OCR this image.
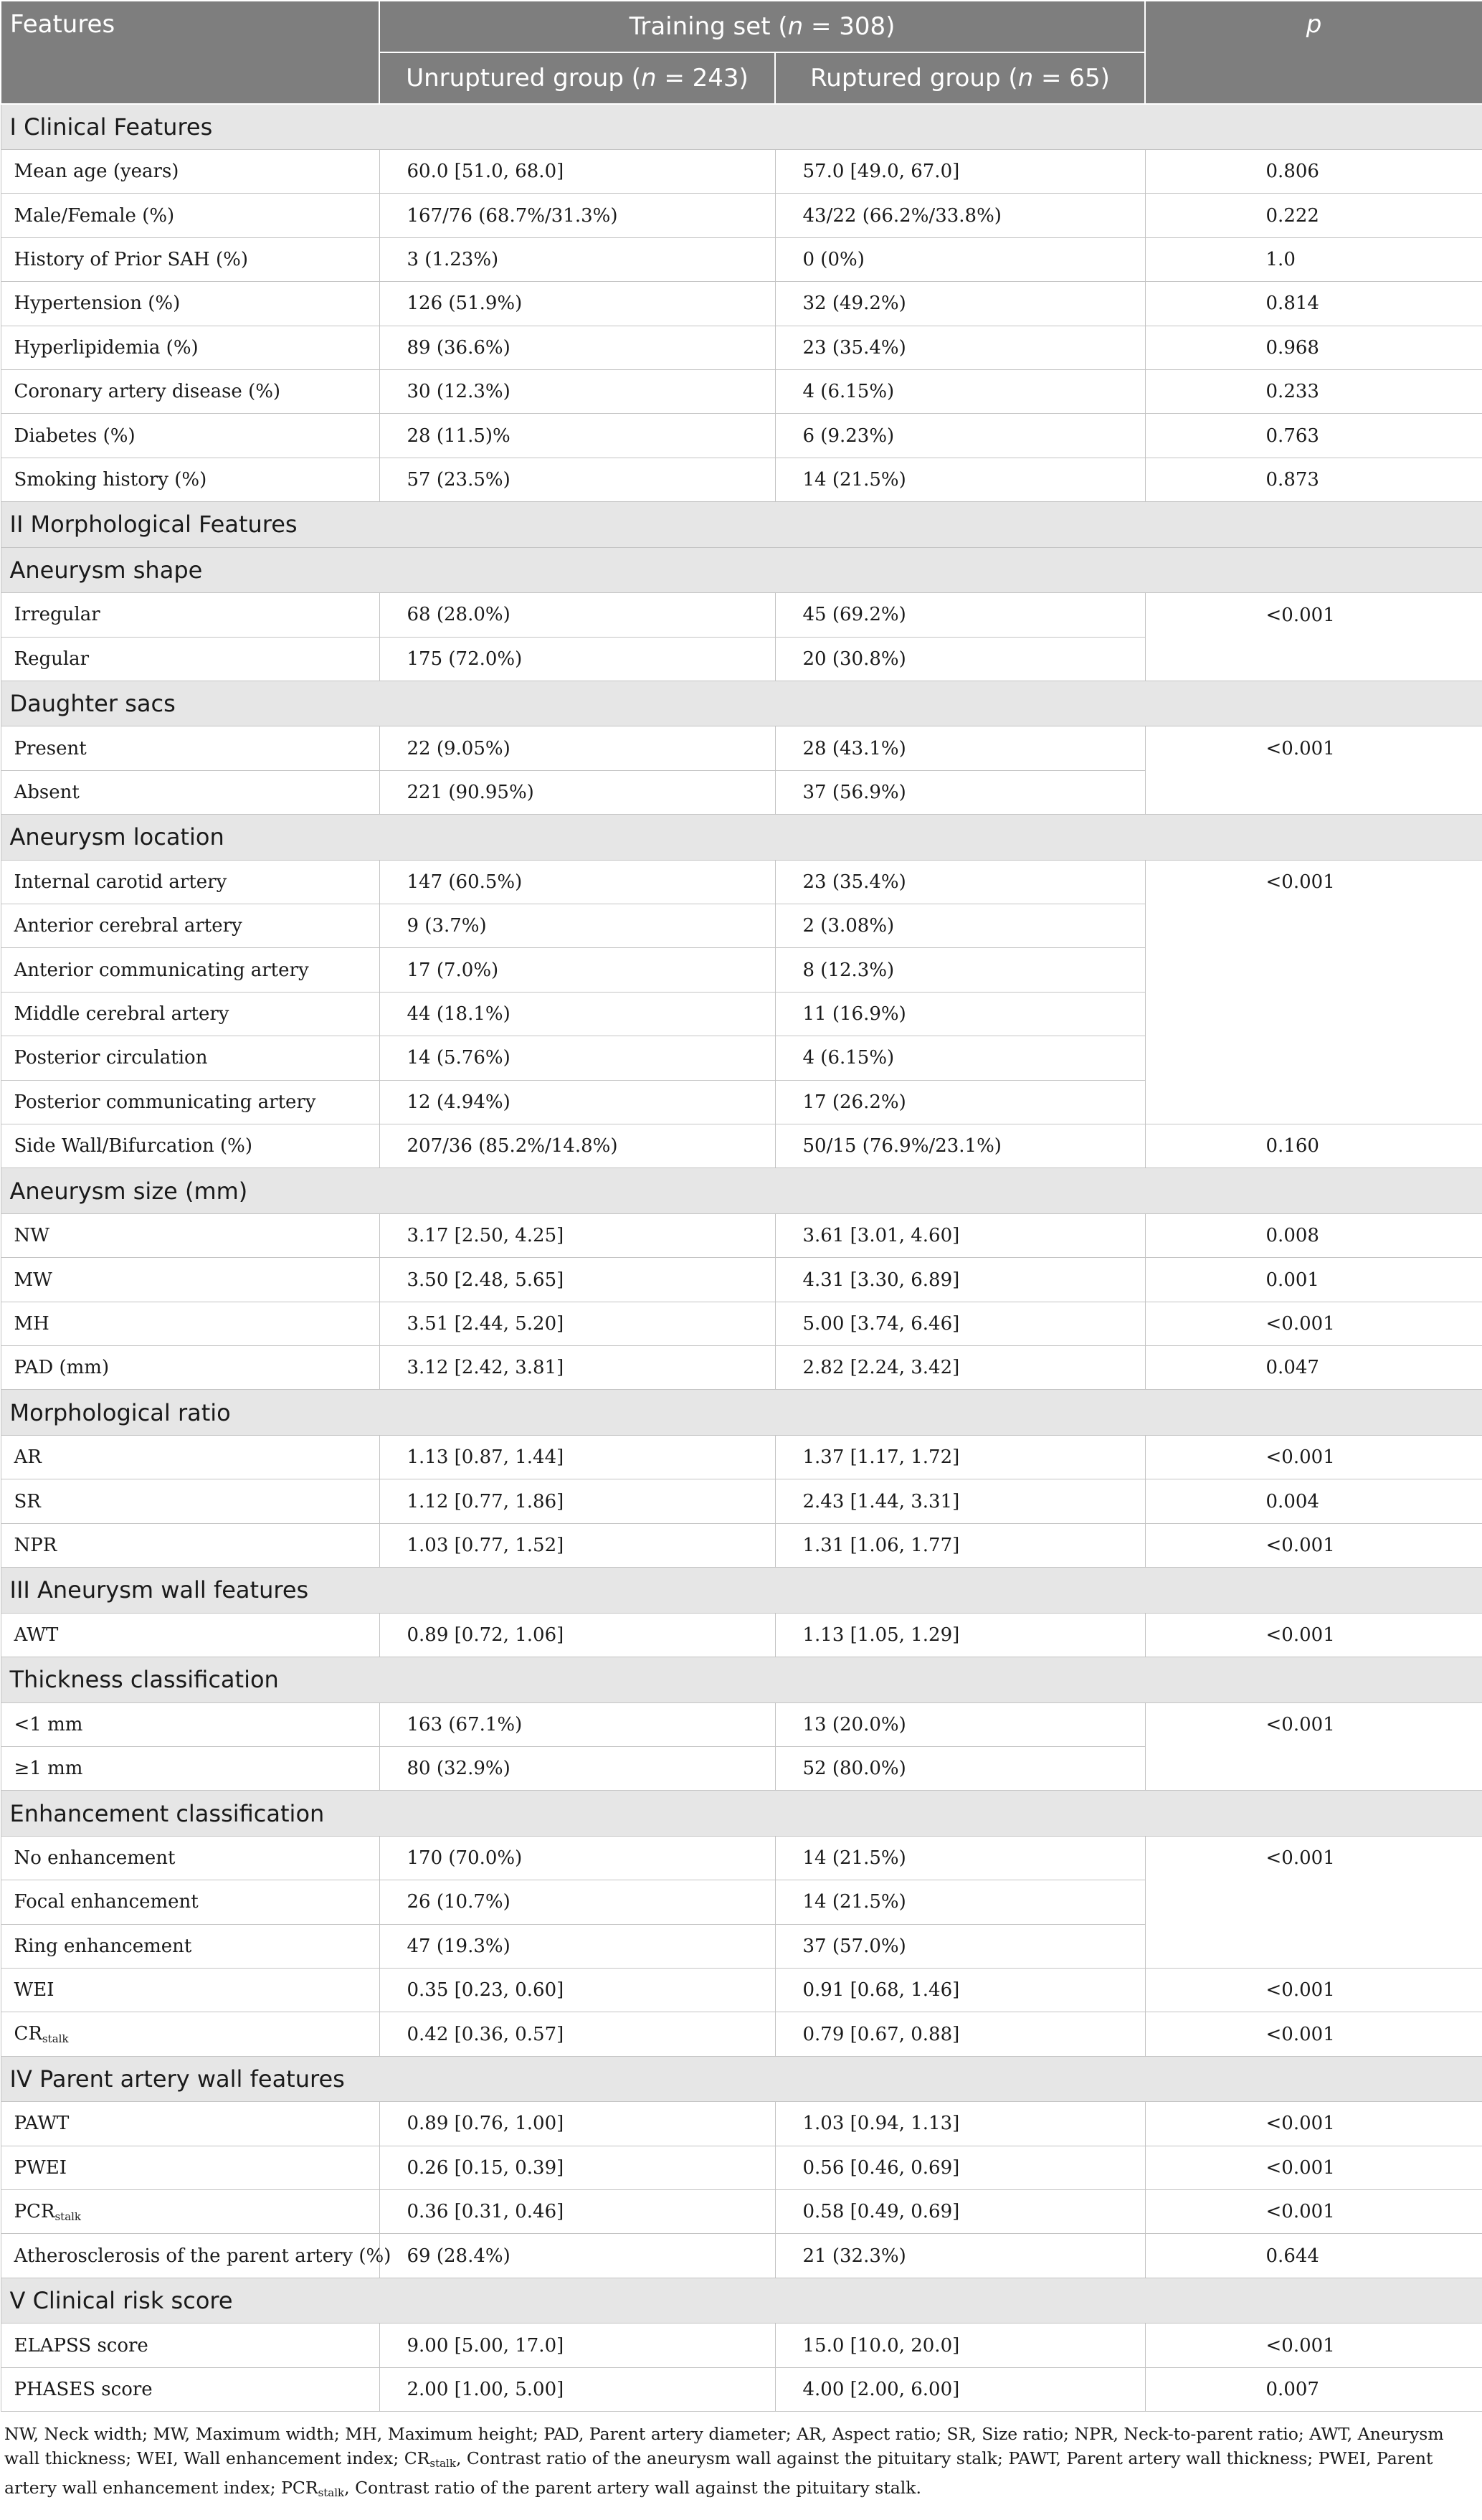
Features	Training set (n = 308)		p
	Unruptured group (n = 243)	Ruptured group (n = 65)	
I Clinical Features			
Mean age (years)	60.0 [51.0, 68.0]	57.0 [49.0, 67.0]	0.806
Male/Female (%)	167/76 (68.7%/31.3%)	43/22 (66.2%/33.8%)	0.222
History of Prior SAH (%)	3 (1.23%)	0 (0%)	1.0
Hypertension (%)	126 (51.9%)	32 (49.2%)	0.814
Hyperlipidemia (%)	89 (36.6%)	23 (35.4%)	0.968
Coronary artery disease (%)	30 (12.3%)	4 (6.15%)	0.233
Diabetes (%)	28 (11.5)%	6 (9.23%)	0.763
Smoking history (%)	57 (23.5%)	14 (21.5%)	0.873
II Morphological Features			
Aneurysm shape			
Irregular	68 (28.0%)	45 (69.2%)	<0.001
Regular	175 (72.0%)	20 (30.8%)	
Daughter sacs			
Present	22 (9.05%)	28 (43.1%)	<0.001
Absent	221 (90.95%)	37 (56.9%)	
Aneurysm location			
Internal carotid artery	147 (60.5%)	23 (35.4%)	<0.001
Anterior cerebral artery	9 (3.7%)	2 (3.08%)	
Anterior communicating artery	17 (7.0%)	8 (12.3%)	
Middle cerebral artery	44 (18.1%)	11 (16.9%)	
Posterior circulation	14 (5.76%)	4 (6.15%)	
Posterior communicating artery	12 (4.94%)	17 (26.2%)	
Side Wall/Bifurcation (%)	207/36 (85.2%/14.8%)	50/15 (76.9%/23.1%)	0.160
Aneurysm size (mm)			
NW	3.17 [2.50, 4.25]	3.61 [3.01, 4.60]	0.008
MW	3.50 [2.48, 5.65]	4.31 [3.30, 6.89]	0.001
MH	3.51 [2.44, 5.20]	5.00 [3.74, 6.46]	<0.001
PAD (mm)	3.12 [2.42, 3.81]	2.82 [2.24, 3.42]	0.047
Morphological ratio			
AR	1.13 [0.87, 1.44]	1.37 [1.17, 1.72]	<0.001
SR	1.12 [0.77, 1.86]	2.43 [1.44, 3.31]	0.004
NPR	1.03 [0.77, 1.52]	1.31 [1.06, 1.77]	<0.001
III Aneurysm wall features			
AWT	0.89 [0.72, 1.06]	1.13 [1.05, 1.29]	<0.001
Thickness classification			
<1 mm	163 (67.1%)	13 (20.0%)	<0.001
≥1 mm	80 (32.9%)	52 (80.0%)	
Enhancement classification			
No enhancement	170 (70.0%)	14 (21.5%)	<0.001
Focal enhancement	26 (10.7%)	14 (21.5%)	
Ring enhancement	47 (19.3%)	37 (57.0%)	
WEI	0.35 [0.23, 0.60]	0.91 [0.68, 1.46]	<0.001
$CR_{stalk}$	0.42 [0.36, 0.57]	0.79 [0.67, 0.88]	<0.001
IV Parent artery wall features			
PAWT	0.89 [0.76, 1.00]	1.03 [0.94, 1.13]	<0.001
PWEI	0.26 [0.15, 0.39]	0.56 [0.46, 0.69]	<0.001
$PCR_{stalk}$	0.36 [0.31, 0.46]	0.58 [0.49, 0.69]	<0.001
Atherosclerosis of the parent artery (%)	69 (28.4%)	21 (32.3%)	0.644
V Clinical risk score			
ELAPSS score	9.00 [5.00, 17.0]	15.0 [10.0, 20.0]	<0.001
PHASES score	2.00 [1.00, 5.00]	4.00 [2.00, 6.00]	0.007
NW, Neck width; MW, Maximum width; MH, Maximum height; PAD, Parent artery diameter; AR, Aspect ratio; SR, Size ratio; NPR, Neck-to-parent ratio; AWT, Aneurysm wall thickness; WEI, Wall enhancement index; $CR_{stalk}$, Contrast ratio of the aneurysm wall against the pituitary stalk; PAWT, Parent artery wall thickness; PWEI, Parent artery wall enhancement index; $PCR_{stalk}$, Contrast ratio of the parent artery wall against the pituitary stalk.
